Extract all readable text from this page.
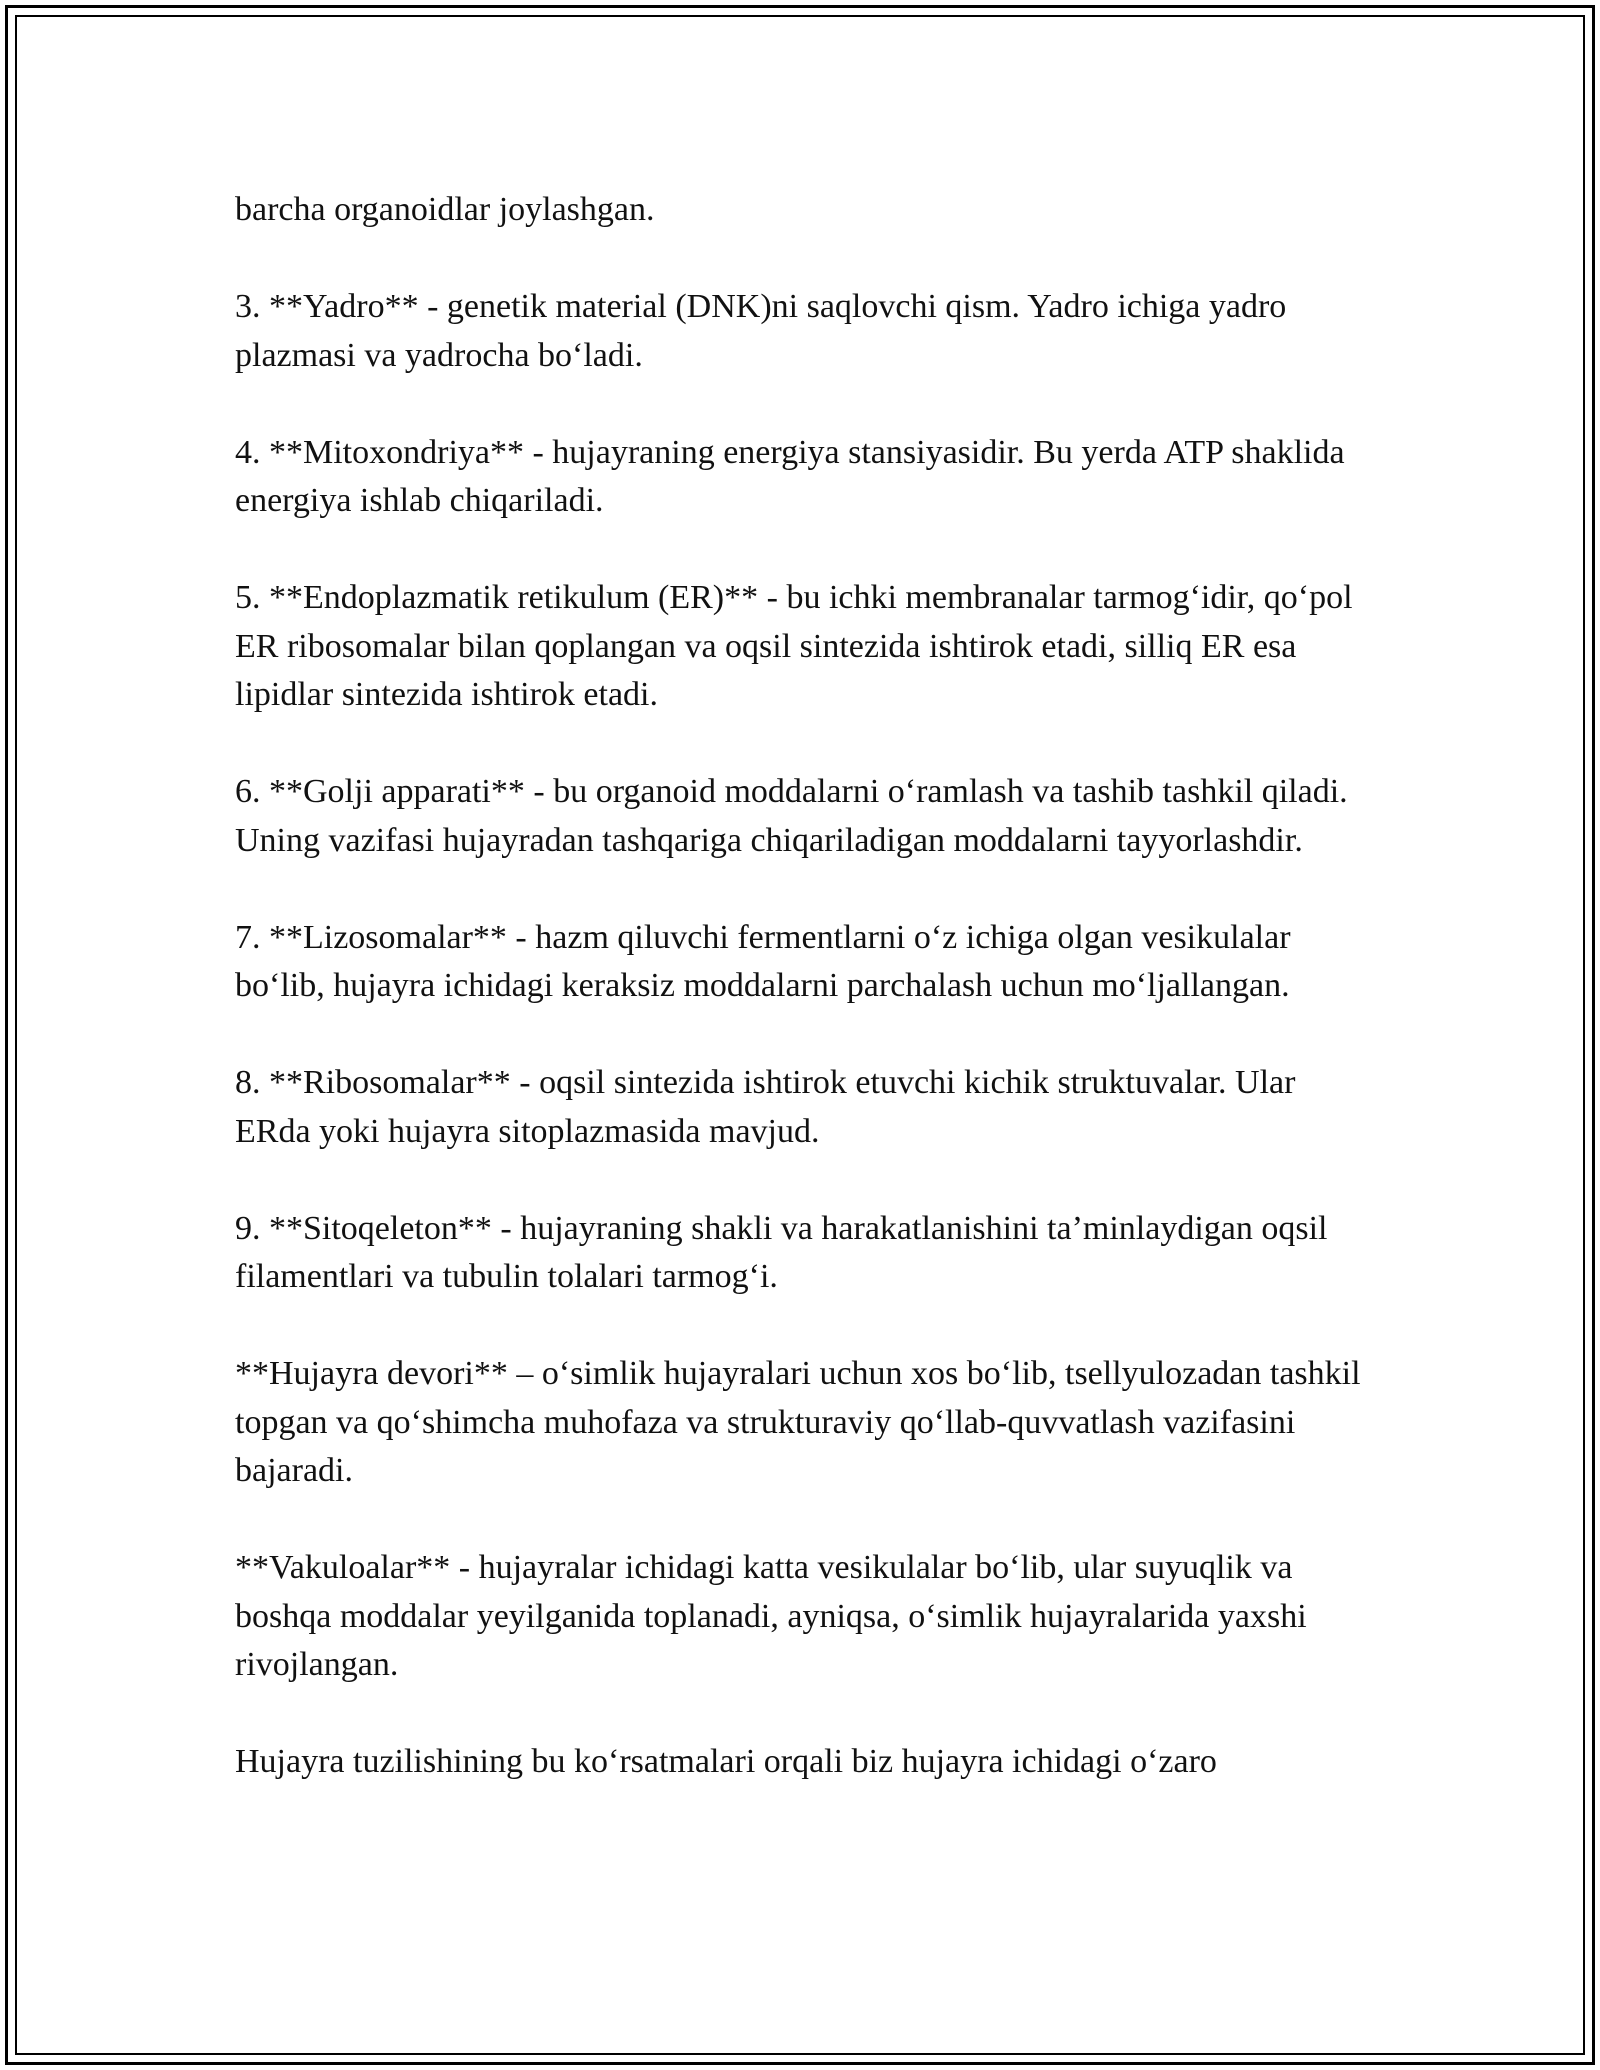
barcha organoidlar joylashgan.

3. **Yadro** - genetik material (DNK)ni saqlovchi qism. Yadro ichiga yadro plazmasi va yadrocha bo‘ladi.

4. **Mitoxondriya** - hujayraning energiya stansiyasidir. Bu yerda ATP shaklida energiya ishlab chiqariladi.

5. **Endoplazmatik retikulum (ER)** - bu ichki membranalar tarmog‘idir, qo‘pol ER ribosomalar bilan qoplangan va oqsil sintezida ishtirok etadi, silliq ER esa lipidlar sintezida ishtirok etadi.

6. **Golji apparati** - bu organoid moddalarni o‘ramlash va tashib tashkil qiladi. Uning vazifasi hujayradan tashqariga chiqariladigan moddalarni tayyorlashdir.

7. **Lizosomalar** - hazm qiluvchi fermentlarni o‘z ichiga olgan vesikulalar bo‘lib, hujayra ichidagi keraksiz moddalarni parchalash uchun mo‘ljallangan.

8. **Ribosomalar** - oqsil sintezida ishtirok etuvchi kichik struktuvalar. Ular ERda yoki hujayra sitoplazmasida mavjud.

9. **Sitoqeleton** - hujayraning shakli va harakatlanishini ta’minlaydigan oqsil filamentlari va tubulin tolalari tarmog‘i.

**Hujayra devori** – o‘simlik hujayralari uchun xos bo‘lib, tsellyulozadan tashkil topgan va qo‘shimcha muhofaza va strukturaviy qo‘llab-quvvatlash vazifasini bajaradi.

**Vakuloalar** - hujayralar ichidagi katta vesikulalar bo‘lib, ular suyuqlik va boshqa moddalar yeyilganida toplanadi, ayniqsa, o‘simlik hujayralarida yaxshi rivojlangan.

Hujayra tuzilishining bu ko‘rsatmalari orqali biz hujayra ichidagi o‘zaro
